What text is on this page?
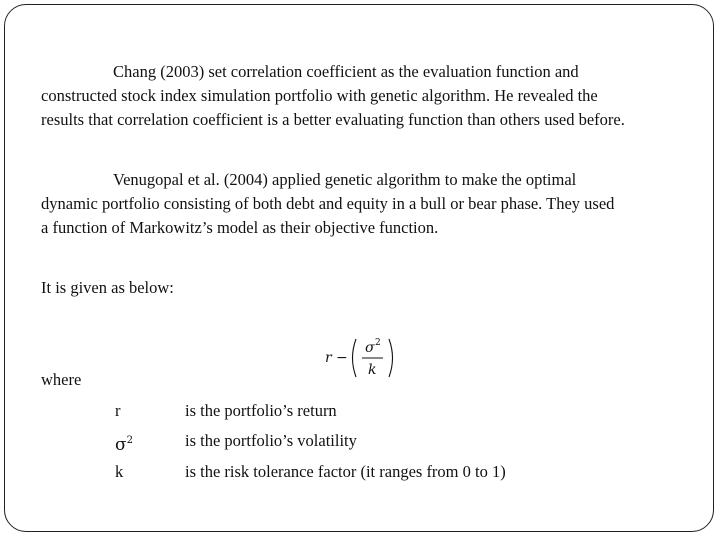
Chang (2003) set correlation coefficient as the evaluation function and
constructed stock index simulation portfolio with genetic algorithm. He revealed the
results that correlation coefficient is a better evaluating function than others used before.

Venugopal et al. (2004) applied genetic algorithm to make the optimal
dynamic portfolio consisting of both debt and equity in a bull or bear phase. They used
a function of Markowitz’s model as their objective function.

It is given as below:

r −
σ 2
k
where
r	is the portfolio’s return
$\sigma^2$	is the portfolio’s volatility
k	is the risk tolerance factor (it ranges from 0 to 1)
